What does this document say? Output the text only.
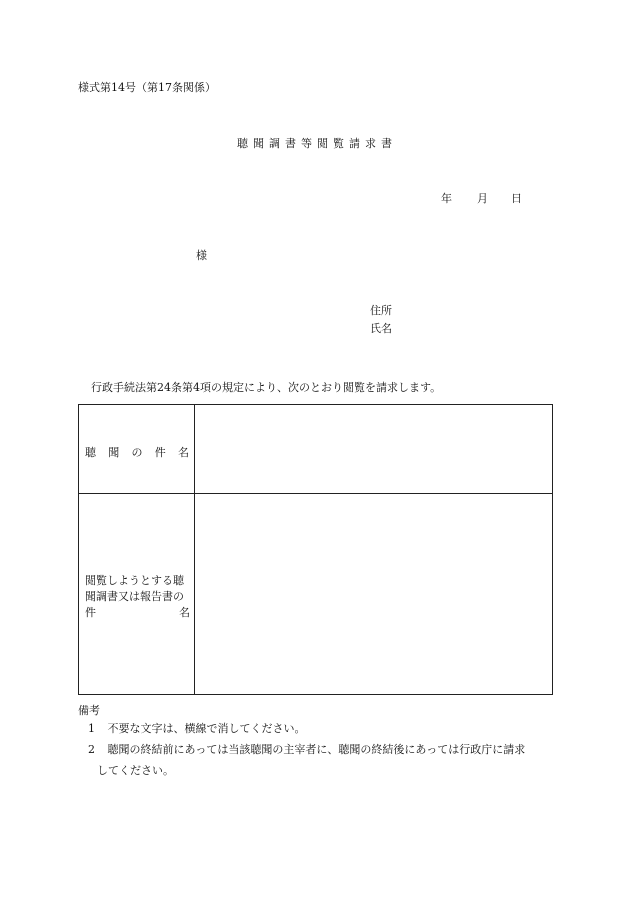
様式第14号（第17条関係）
聴聞調書等閲覧請求書
年 月 日
様
住所
氏名
行政手続法第24条第4項の規定により、次のとおり閲覧を請求します。
聴 聞 の 件 名
閲覧しようとする聴
聞調書又は報告書の
件	名
備考
1 不要な文字は、横線で消してください。
2 聴聞の終結前にあっては当該聴聞の主宰者に、聴聞の終結後にあっては行政庁に請求
してください。
